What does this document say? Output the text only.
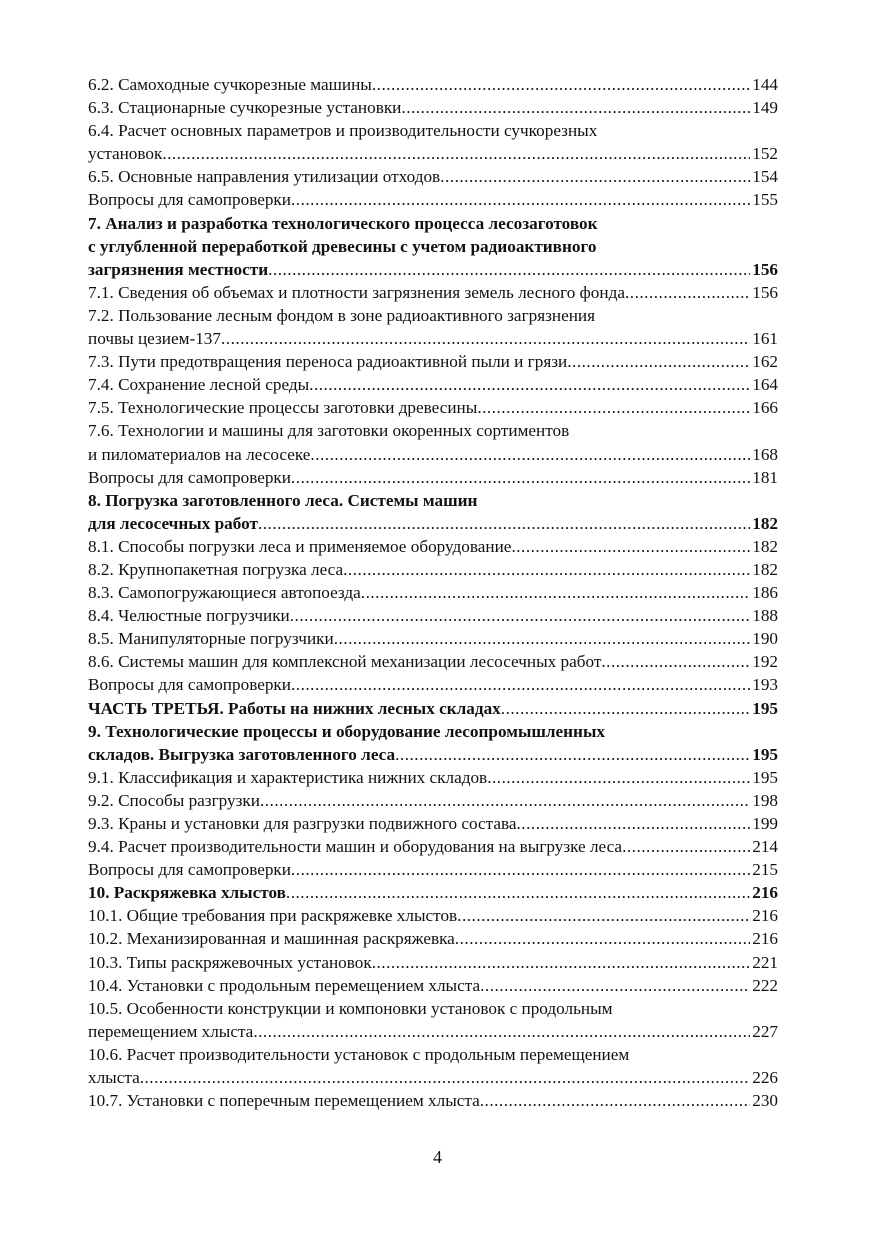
6.2. Самоходные сучкорезные машины .....	144
6.3. Стационарные сучкорезные установки .....	149
6.4. Расчет основных параметров и производительности сучкорезных
установок .....	152
6.5. Основные направления утилизации отходов .....	154
Вопросы для самопроверки .....	155
7. Анализ и разработка технологического процесса лесозаготовок
с углубленной переработкой древесины с учетом радиоактивного
загрязнения местности .....	156
7.1. Сведения об объемах и плотности загрязнения земель лесного фонда .....	156
7.2. Пользование лесным фондом в зоне радиоактивного загрязнения
почвы цезием-137 .....	161
7.3. Пути предотвращения переноса радиоактивной пыли и грязи .....	162
7.4. Сохранение лесной среды .....	164
7.5. Технологические процессы заготовки древесины .....	166
7.6. Технологии и машины для заготовки окоренных сортиментов
и пиломатериалов на лесосеке .....	168
Вопросы для самопроверки .....	181
8. Погрузка заготовленного леса. Системы машин
для лесосечных работ .....	182
8.1. Способы погрузки леса и применяемое оборудование .....	182
8.2. Крупнопакетная погрузка леса .....	182
8.3. Самопогружающиеся автопоезда .....	186
8.4. Челюстные погрузчики .....	188
8.5. Манипуляторные погрузчики .....	190
8.6. Системы машин для комплексной механизации лесосечных работ .....	192
Вопросы для самопроверки .....	193
ЧАСТЬ ТРЕТЬЯ. Работы на нижних лесных складах .....	195
9. Технологические процессы и оборудование лесопромышленных
складов. Выгрузка заготовленного леса .....	195
9.1. Классификация и характеристика нижних складов .....	195
9.2. Способы разгрузки .....	198
9.3. Краны и установки для разгрузки подвижного состава .....	199
9.4. Расчет производительности машин и оборудования на выгрузке леса .....	214
Вопросы для самопроверки .....	215
10. Раскряжевка хлыстов .....	216
10.1. Общие требования при раскряжевке хлыстов .....	216
10.2. Механизированная и машинная раскряжевка .....	216
10.3. Типы раскряжевочных установок .....	221
10.4. Установки с продольным перемещением хлыста .....	222
10.5. Особенности конструкции и компоновки установок с продольным
перемещением хлыста .....	227
10.6. Расчет производительности установок с продольным перемещением
хлыста .....	226
10.7. Установки с поперечным перемещением хлыста .....	230
4
